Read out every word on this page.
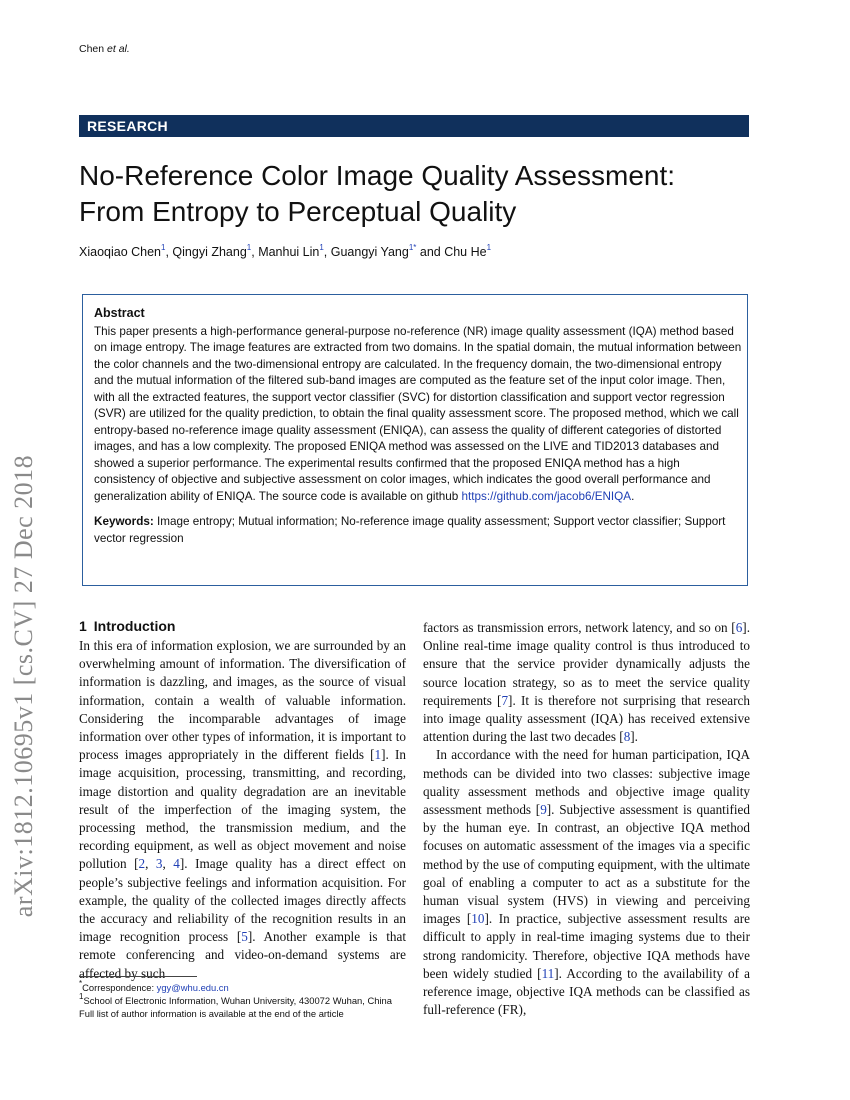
Chen et al.
RESEARCH
No-Reference Color Image Quality Assessment:
From Entropy to Perceptual Quality
Xiaoqiao Chen$^1$, Qingyi Zhang$^1$, Manhui Lin$^1$, Guangyi Yang$^{1*}$ and Chu He$^1$
arXiv:1812.10695v1 [cs.CV] 27 Dec 2018
Abstract

This paper presents a high-performance general-purpose no-reference (NR) image quality assessment (IQA) method based on image entropy. The image features are extracted from two domains. In the spatial domain, the mutual information between the color channels and the two-dimensional entropy are calculated. In the frequency domain, the two-dimensional entropy and the mutual information of the filtered sub-band images are computed as the feature set of the input color image. Then, with all the extracted features, the support vector classifier (SVC) for distortion classification and support vector regression (SVR) are utilized for the quality prediction, to obtain the final quality assessment score. The proposed method, which we call entropy-based no-reference image quality assessment (ENIQA), can assess the quality of different categories of distorted images, and has a low complexity. The proposed ENIQA method was assessed on the LIVE and TID2013 databases and showed a superior performance. The experimental results confirmed that the proposed ENIQA method has a high consistency of objective and subjective assessment on color images, which indicates the good overall performance and generalization ability of ENIQA. The source code is available on github https://github.com/jacob6/ENIQA.

Keywords: Image entropy; Mutual information; No-reference image quality assessment; Support vector classifier; Support vector regression
1 Introduction

In this era of information explosion, we are surrounded by an overwhelming amount of information. The diversification of information is dazzling, and images, as the source of visual information, contain a wealth of valuable information. Considering the incomparable advantages of image information over other types of information, it is important to process images appropriately in the different fields [1]. In image acquisition, processing, transmitting, and recording, image distortion and quality degradation are an inevitable result of the imperfection of the imaging system, the processing method, the transmission medium, and the recording equipment, as well as object movement and noise pollution [2, 3, 4]. Image quality has a direct effect on people’s subjective feelings and information acquisition. For example, the quality of the collected images directly affects the accuracy and reliability of the recognition results in an image recognition process [5]. Another example is that remote conferencing and video-on-demand systems are affected by such

factors as transmission errors, network latency, and so on [6]. Online real-time image quality control is thus introduced to ensure that the service provider dynamically adjusts the source location strategy, so as to meet the service quality requirements [7]. It is therefore not surprising that research into image quality assessment (IQA) has received extensive attention during the last two decades [8].

In accordance with the need for human participation, IQA methods can be divided into two classes: subjective image quality assessment methods and objective image quality assessment methods [9]. Subjective assessment is quantified by the human eye. In contrast, an objective IQA method focuses on automatic assessment of the images via a specific method by the use of computing equipment, with the ultimate goal of enabling a computer to act as a substitute for the human visual system (HVS) in viewing and perceiving images [10]. In practice, subjective assessment results are difficult to apply in real-time imaging systems due to their strong randomicity. Therefore, objective IQA methods have been widely studied [11]. According to the availability of a reference image, objective IQA methods can be classified as full-reference (FR),

*Correspondence: ygy@whu.edu.cn
$^1$School of Electronic Information, Wuhan University, 430072 Wuhan, China
Full list of author information is available at the end of the article
